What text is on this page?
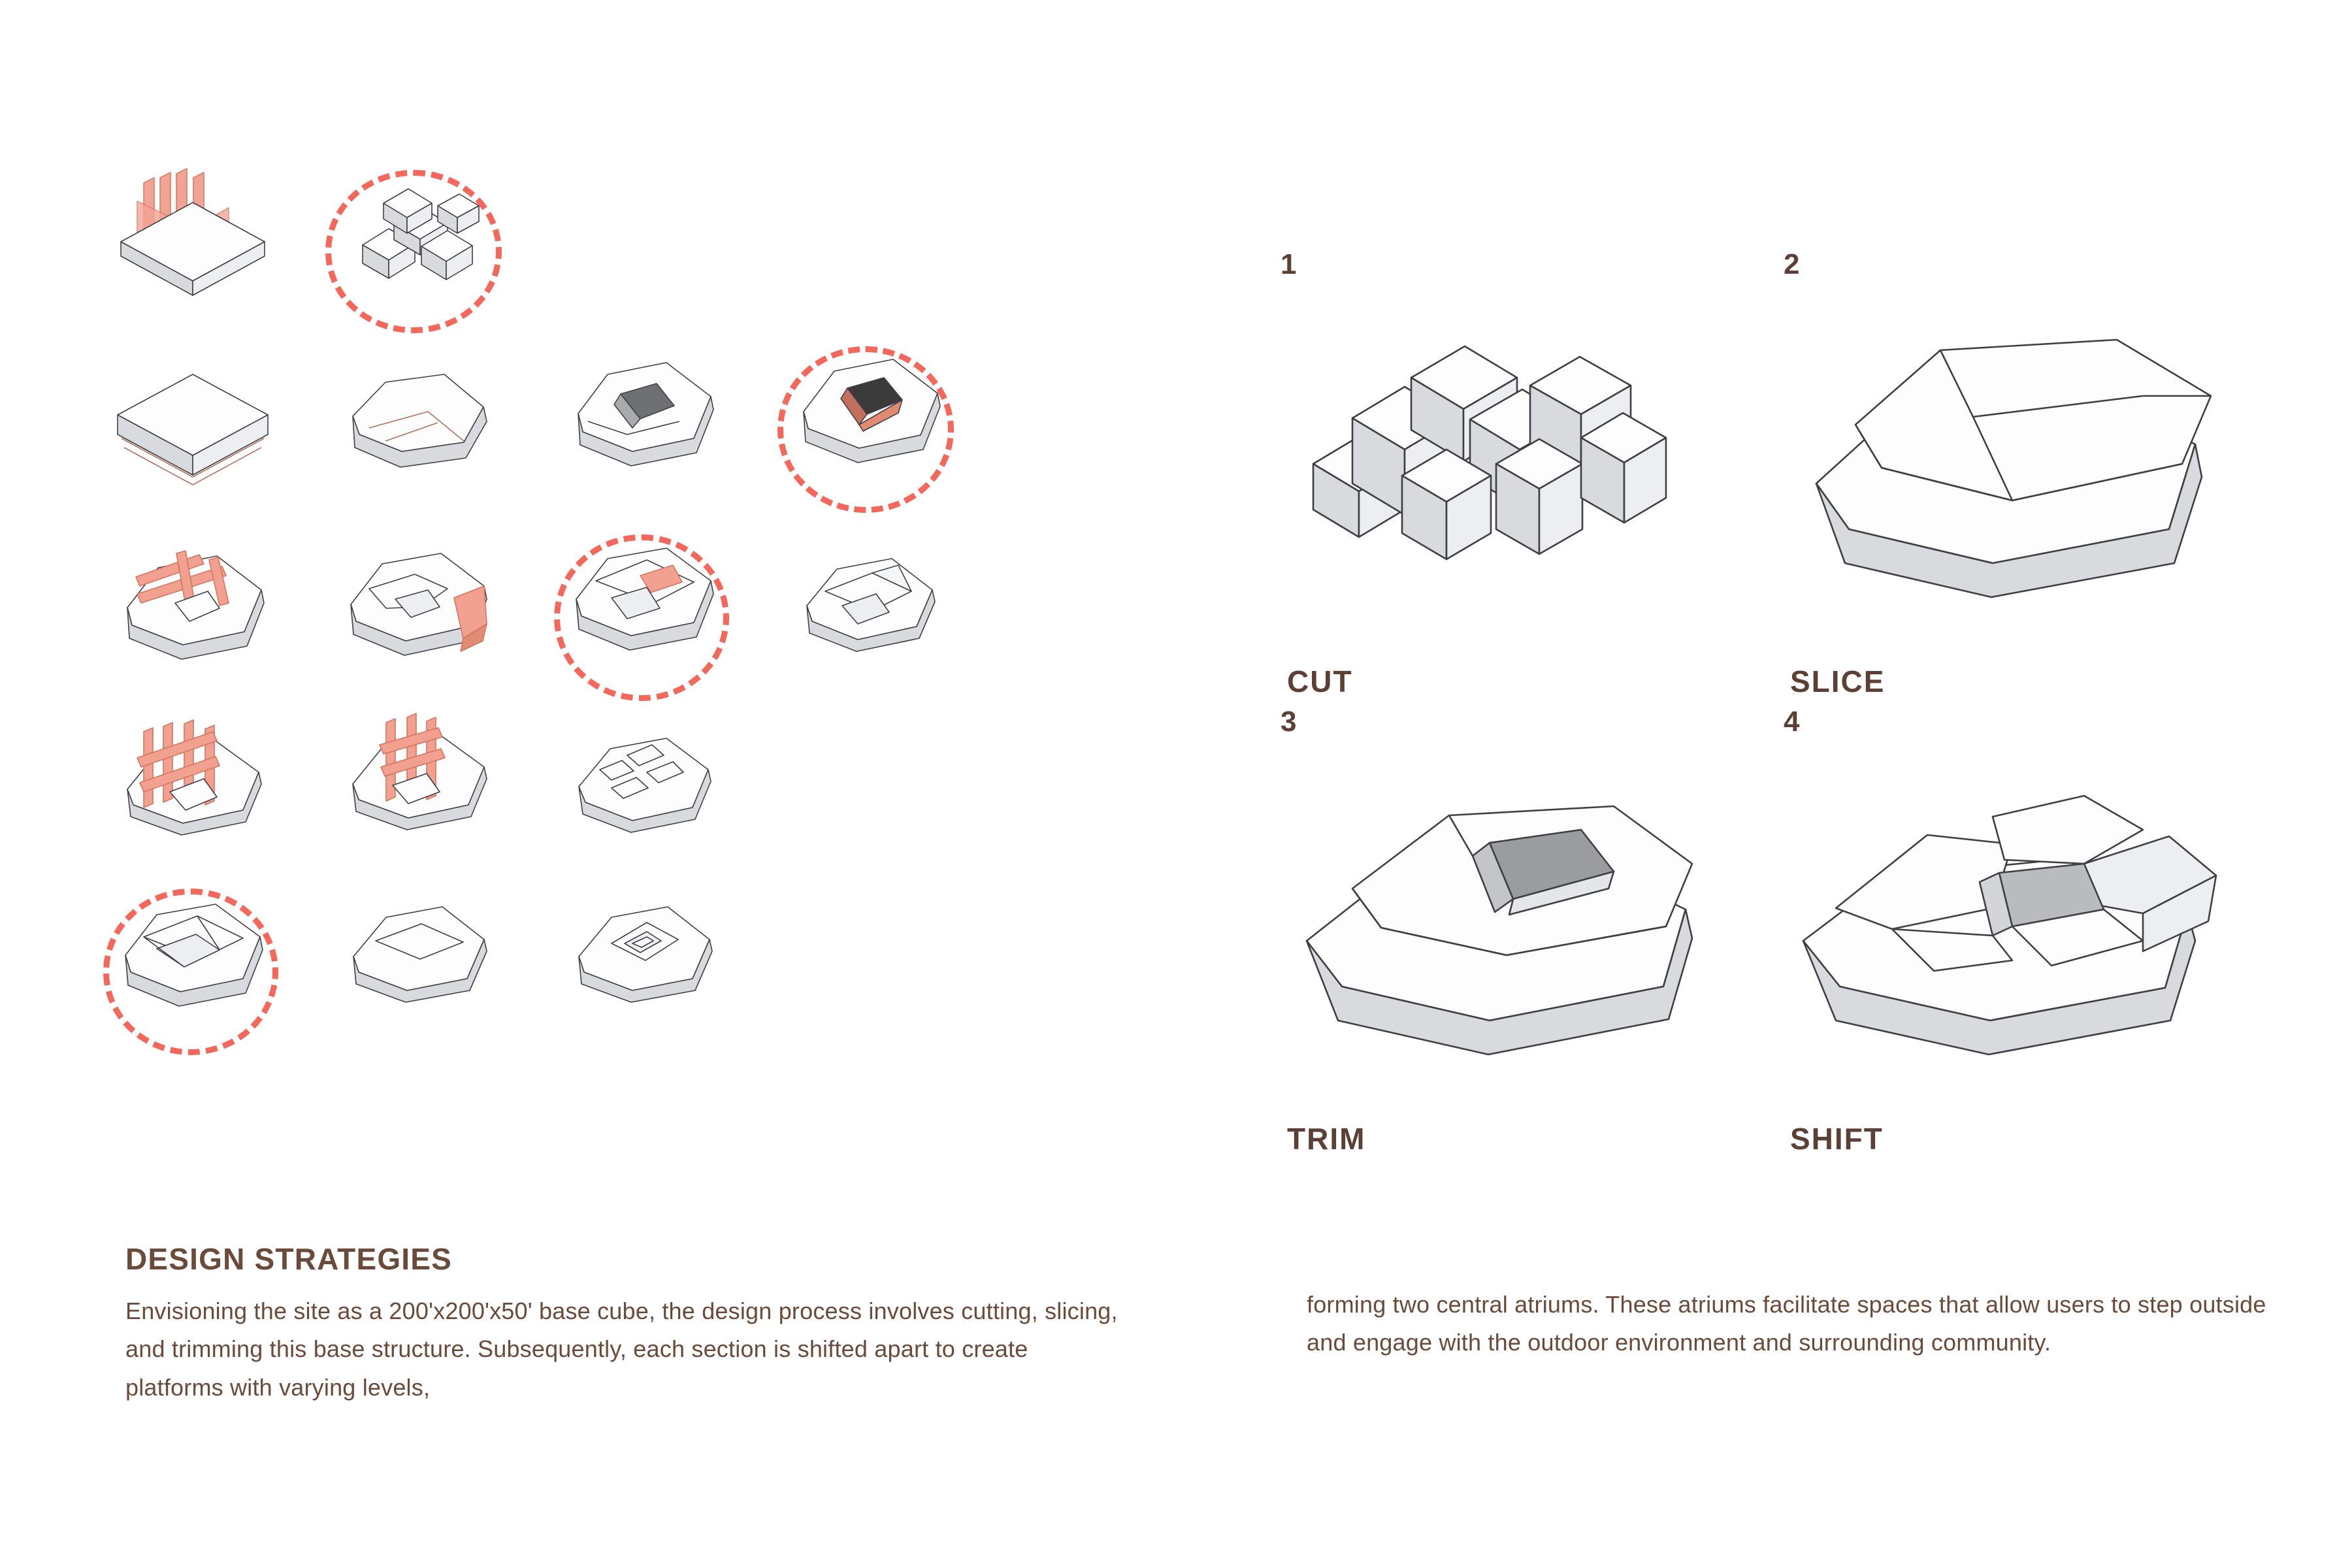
1
CUT
2
SLICE
3
TRIM
4
SHIFT
DESIGN STRATEGIES
Envisioning the site as a 200'x200'x50' base cube, the design process involves cutting, slicing, and trimming this base structure. Subsequently, each section is shifted apart to create platforms with varying levels,
forming two central atriums. These atriums facilitate spaces that allow users to step outside and engage with the outdoor environment and surrounding community.
